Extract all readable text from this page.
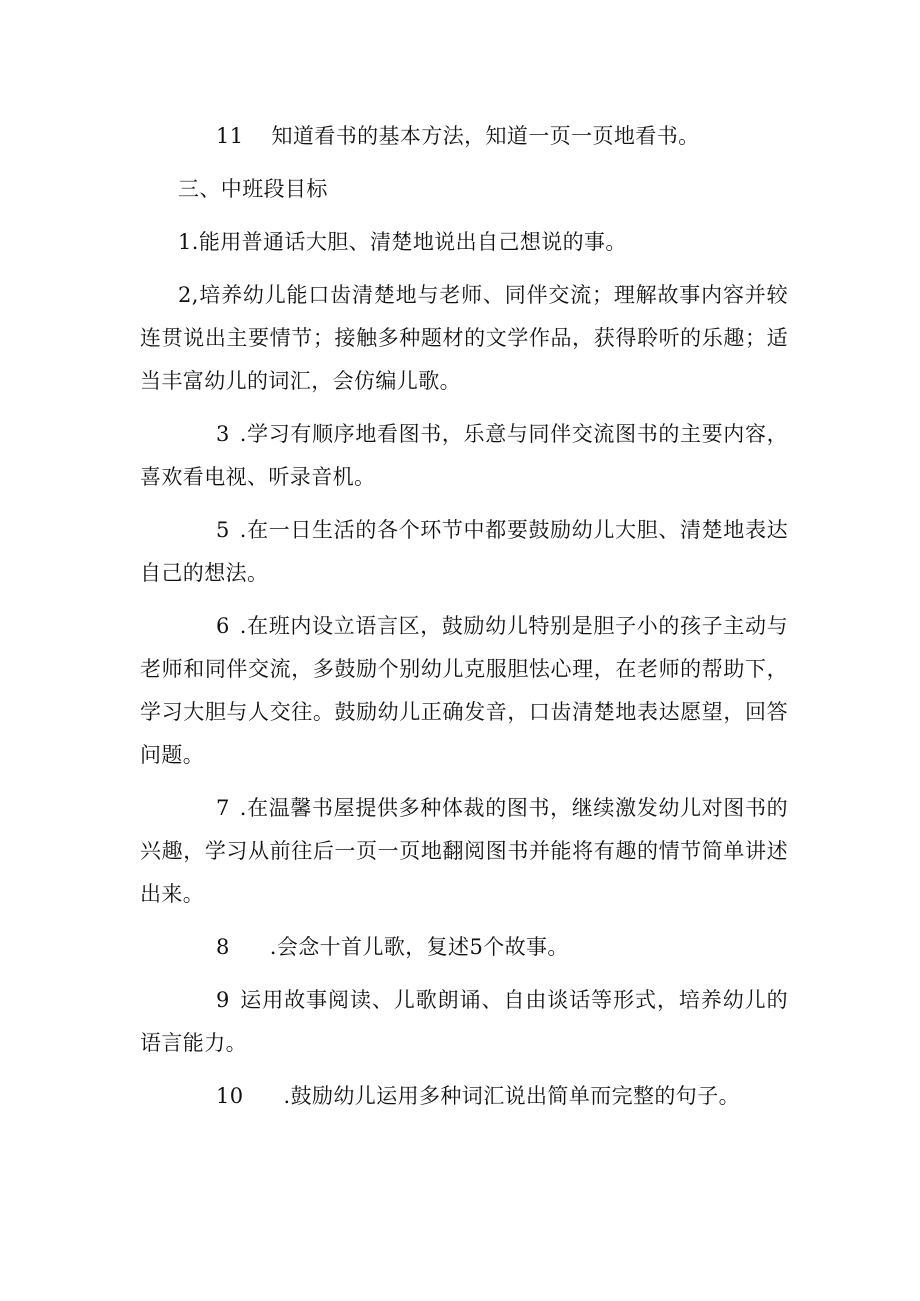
11 知道看书的基本方法，知道一页一页地看书。

三、中班段目标

1.能用普通话大胆、清楚地说出自己想说的事。

2,培养幼儿能口齿清楚地与老师、同伴交流；理解故事内容并较连贯说出主要情节；接触多种题材的文学作品，获得聆听的乐趣；适当丰富幼儿的词汇，会仿编儿歌。

3 .学习有顺序地看图书，乐意与同伴交流图书的主要内容，喜欢看电视、听录音机。

5 .在一日生活的各个环节中都要鼓励幼儿大胆、清楚地表达自己的想法。

6 .在班内设立语言区，鼓励幼儿特别是胆子小的孩子主动与老师和同伴交流，多鼓励个别幼儿克服胆怯心理，在老师的帮助下，学习大胆与人交往。鼓励幼儿正确发音，口齿清楚地表达愿望，回答问题。

7 .在温馨书屋提供多种体裁的图书，继续激发幼儿对图书的兴趣，学习从前往后一页一页地翻阅图书并能将有趣的情节简单讲述出来。

8 .会念十首儿歌，复述5个故事。

9 运用故事阅读、儿歌朗诵、自由谈话等形式，培养幼儿的语言能力。

10 .鼓励幼儿运用多种词汇说出简单而完整的句子。
